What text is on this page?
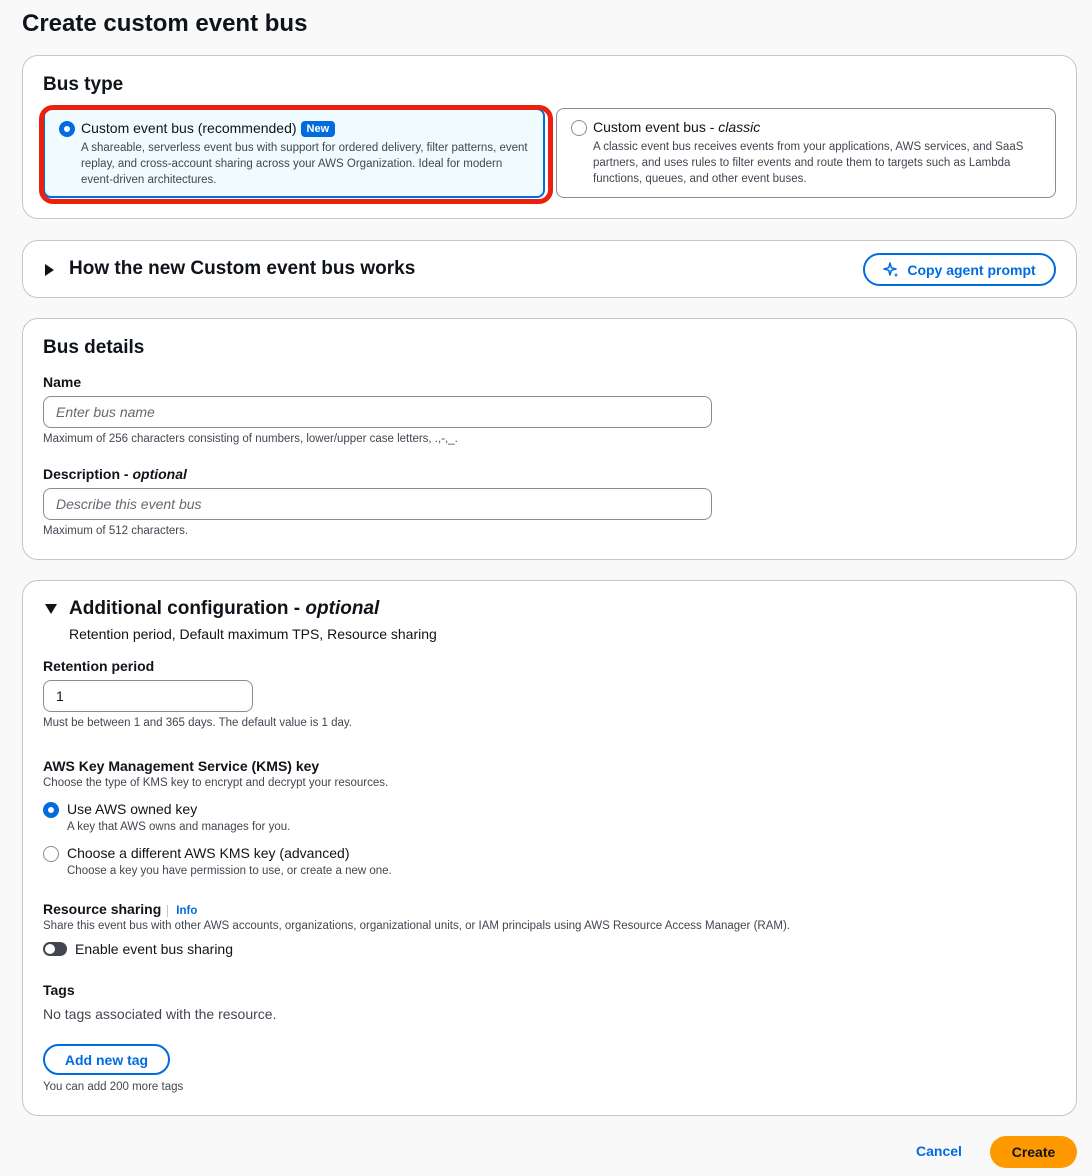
Create custom event bus
Bus type
Custom event bus (recommended) New
A shareable, serverless event bus with support for ordered delivery, filter patterns, event replay, and cross-account sharing across your AWS Organization. Ideal for modern event-driven architectures.
Custom event bus - classic
A classic event bus receives events from your applications, AWS services, and SaaS partners, and uses rules to filter events and route them to targets such as Lambda functions, queues, and other event buses.
How the new Custom event bus works	Copy agent prompt
Bus details
Name
Enter bus name
Maximum of 256 characters consisting of numbers, lower/upper case letters, .,-,_.
Description - optional
Describe this event bus
Maximum of 512 characters.
Additional configuration - optional
Retention period, Default maximum TPS, Resource sharing
Retention period
1
Must be between 1 and 365 days. The default value is 1 day.
AWS Key Management Service (KMS) key
Choose the type of KMS key to encrypt and decrypt your resources.
Use AWS owned key
A key that AWS owns and manages for you.
Choose a different AWS KMS key (advanced)
Choose a key you have permission to use, or create a new one.
Resource sharing Info
Share this event bus with other AWS accounts, organizations, organizational units, or IAM principals using AWS Resource Access Manager (RAM).
Enable event bus sharing
Tags
No tags associated with the resource.
Add new tag
You can add 200 more tags
Cancel	Create
